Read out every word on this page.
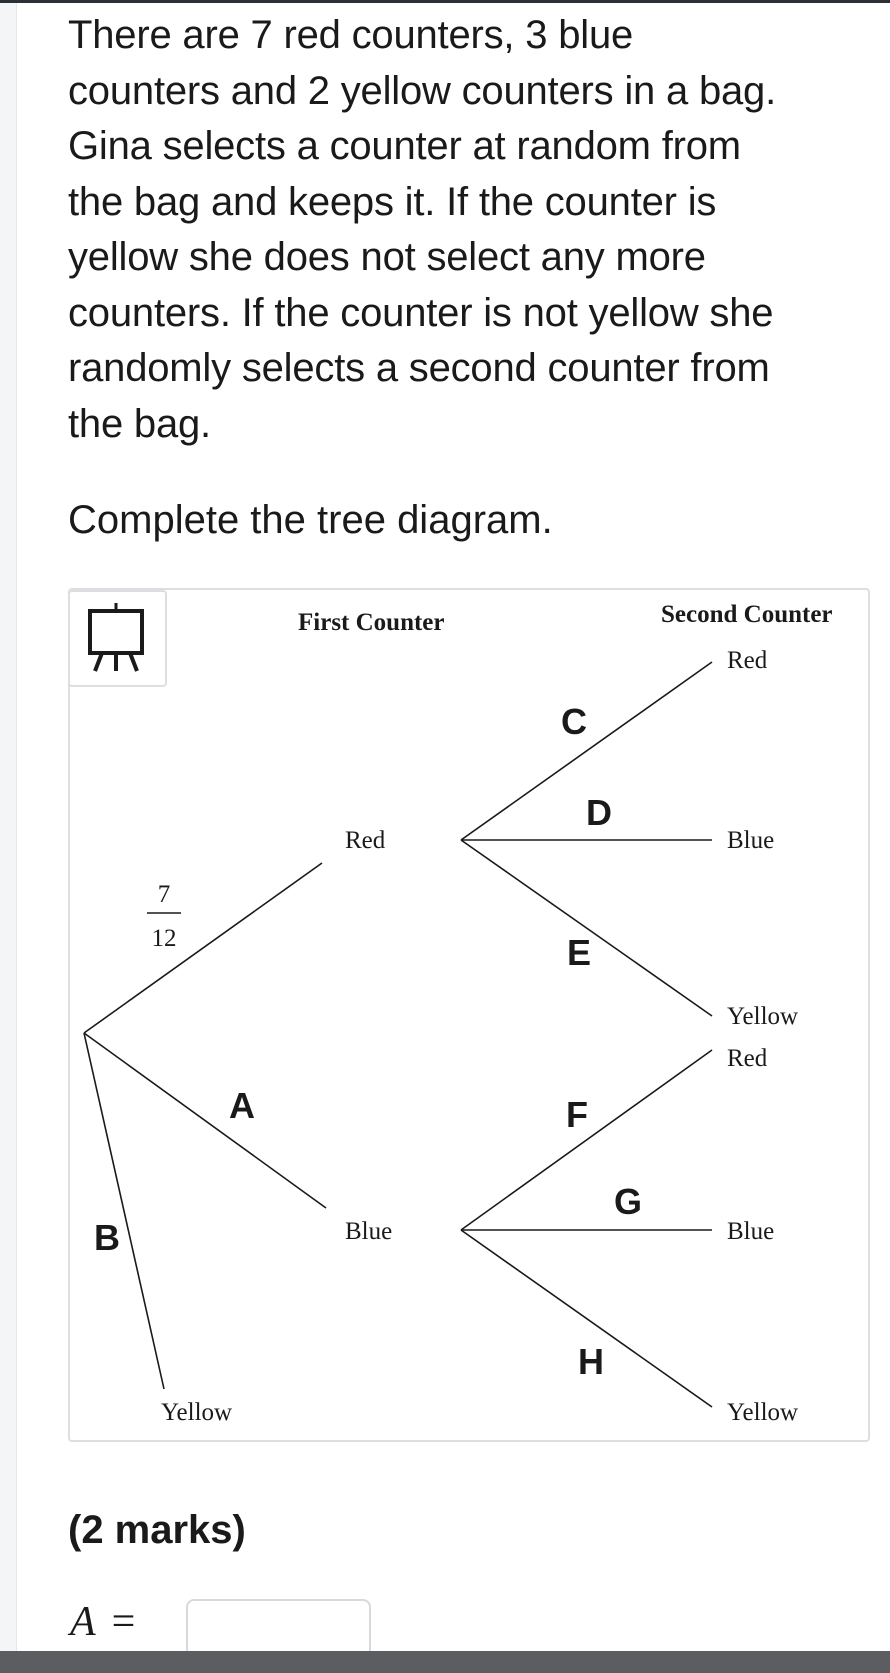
There are 7 red counters, 3 blue
counters and 2 yellow counters in a bag.
Gina selects a counter at random from
the bag and keeps it. If the counter is
yellow she does not select any more
counters. If the counter is not yellow she
randomly selects a second counter from
the bag.

Complete the tree diagram.

First Counter	Second Counter
Red
Blue
Yellow
7
12
A
B
C
D
E
Red
Blue
Yellow
F
G
H
Red
Blue
Yellow

(2 marks)

A =
